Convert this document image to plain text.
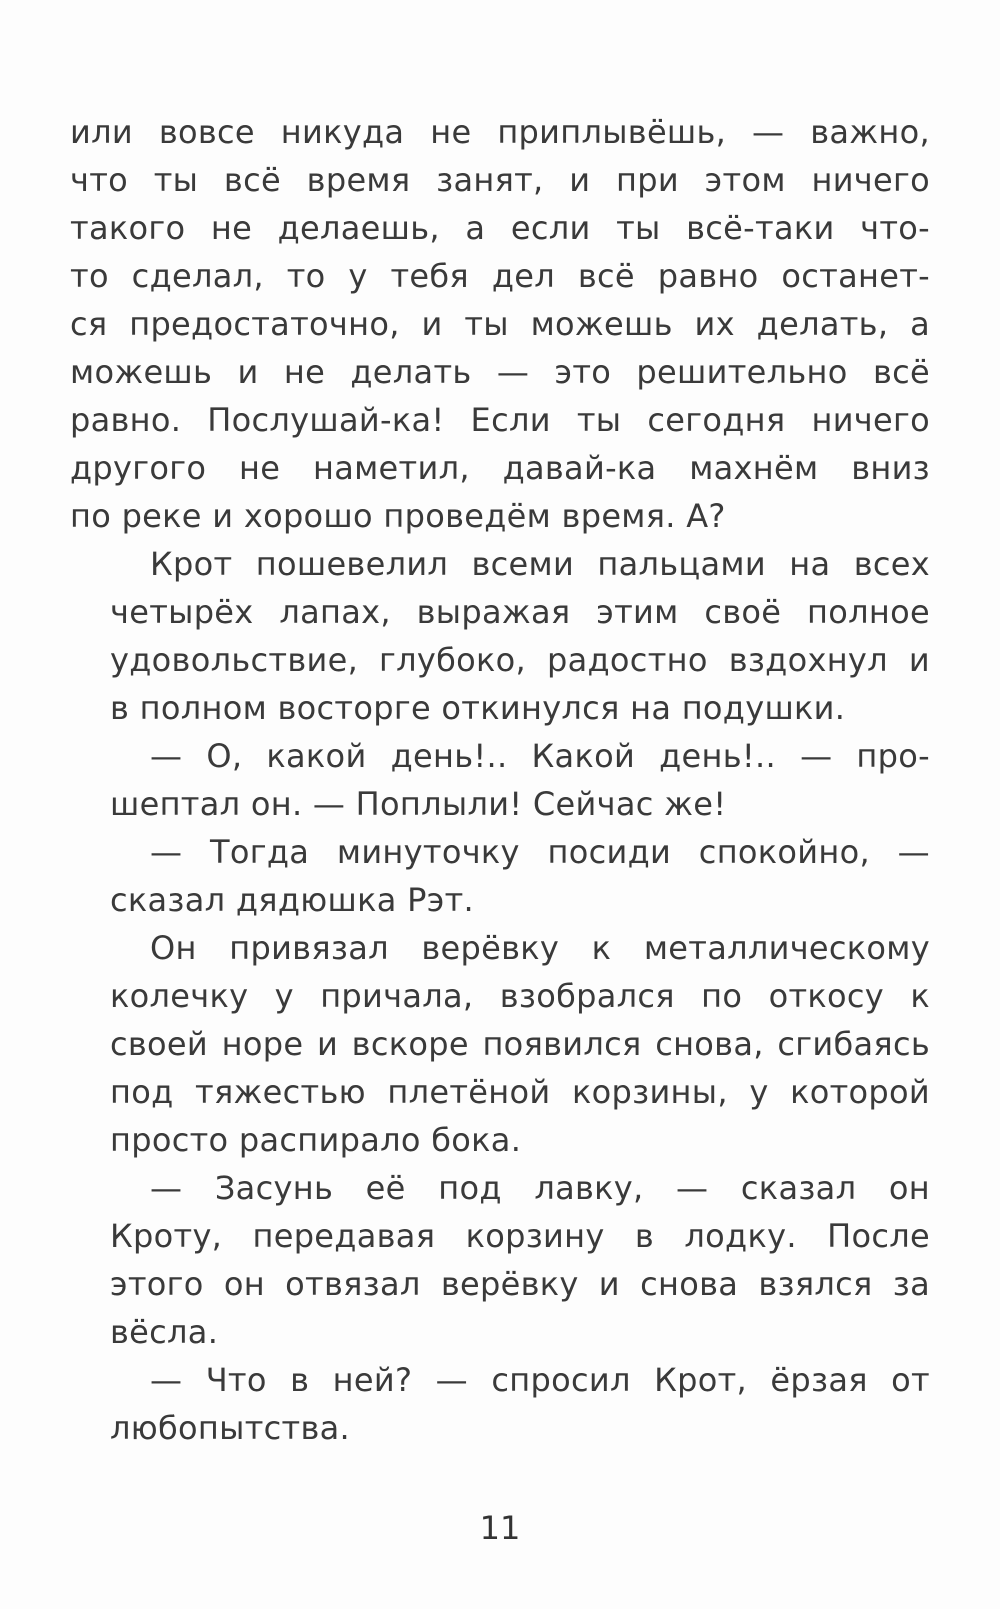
или вовсе никуда не приплывёшь, — важно,
что ты всё время занят, и при этом ничего
такого не делаешь, а если ты всё-таки что-
то сделал, то у тебя дел всё равно останет-
ся предостаточно, и ты можешь их делать, а
можешь и не делать — это решительно всё
равно. Послушай-ка! Если ты сегодня ничего
другого не наметил, давай-ка махнём вниз
по реке и хорошо проведём время. А?

Крот пошевелил всеми пальцами на всех
четырёх лапах, выражая этим своё полное
удовольствие, глубоко, радостно вздохнул и
в полном восторге откинулся на подушки.

— О, какой день!.. Какой день!.. — про-
шептал он. — Поплыли! Сейчас же!

— Тогда минуточку посиди спокойно, —
сказал дядюшка Рэт.

Он привязал верёвку к металлическому
колечку у причала, взобрался по откосу к
своей норе и вскоре появился снова, сгибаясь
под тяжестью плетёной корзины, у которой
просто распирало бока.

— Засунь её под лавку, — сказал он
Кроту, передавая корзину в лодку. После
этого он отвязал верёвку и снова взялся за
вёсла.

— Что в ней? — спросил Крот, ёрзая от
любопытства.

11
